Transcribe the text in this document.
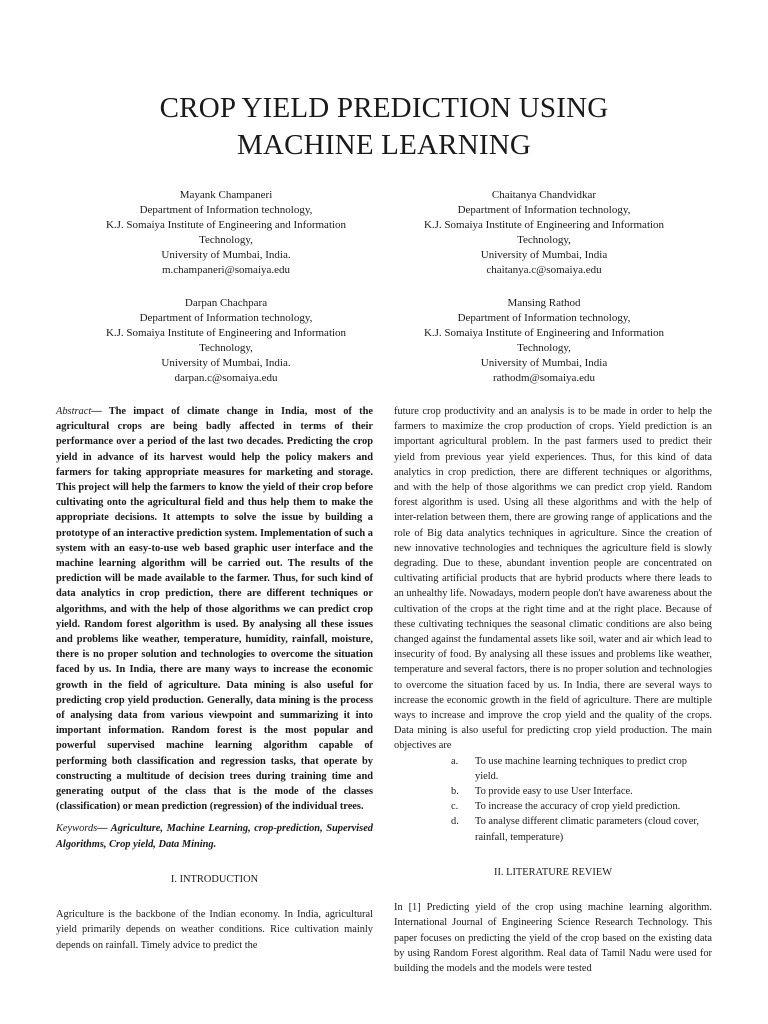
CROP YIELD PREDICTION USING
MACHINE LEARNING
Mayank Champaneri
Department of Information technology,
K.J. Somaiya Institute of Engineering and Information
Technology,
University of Mumbai, India.
m.champaneri@somaiya.edu
Chaitanya Chandvidkar
Department of Information technology,
K.J. Somaiya Institute of Engineering and Information
Technology,
University of Mumbai, India
chaitanya.c@somaiya.edu
Darpan Chachpara
Department of Information technology,
K.J. Somaiya Institute of Engineering and Information
Technology,
University of Mumbai, India.
darpan.c@somaiya.edu
Mansing Rathod
Department of Information technology,
K.J. Somaiya Institute of Engineering and Information
Technology,
University of Mumbai, India
rathodm@somaiya.edu

Abstract— The impact of climate change in India, most of the agricultural crops are being badly affected in terms of their performance over a period of the last two decades. Predicting the crop yield in advance of its harvest would help the policy makers and farmers for taking appropriate measures for marketing and storage. This project will help the farmers to know the yield of their crop before cultivating onto the agricultural field and thus help them to make the appropriate decisions. It attempts to solve the issue by building a prototype of an interactive prediction system. Implementation of such a system with an easy-to-use web based graphic user interface and the machine learning algorithm will be carried out. The results of the prediction will be made available to the farmer. Thus, for such kind of data analytics in crop prediction, there are different techniques or algorithms, and with the help of those algorithms we can predict crop yield. Random forest algorithm is used. By analysing all these issues and problems like weather, temperature, humidity, rainfall, moisture, there is no proper solution and technologies to overcome the situation faced by us. In India, there are many ways to increase the economic growth in the field of agriculture. Data mining is also useful for predicting crop yield production. Generally, data mining is the process of analysing data from various viewpoint and summarizing it into important information. Random forest is the most popular and powerful supervised machine learning algorithm capable of performing both classification and regression tasks, that operate by constructing a multitude of decision trees during training time and generating output of the class that is the mode of the classes (classification) or mean prediction (regression) of the individual trees.

Keywords— Agriculture, Machine Learning, crop-prediction, Supervised Algorithms, Crop yield, Data Mining.

I. INTRODUCTION

Agriculture is the backbone of the Indian economy. In India, agricultural yield primarily depends on weather conditions. Rice cultivation mainly depends on rainfall. Timely advice to predict the

future crop productivity and an analysis is to be made in order to help the farmers to maximize the crop production of crops. Yield prediction is an important agricultural problem. In the past farmers used to predict their yield from previous year yield experiences. Thus, for this kind of data analytics in crop prediction, there are different techniques or algorithms, and with the help of those algorithms we can predict crop yield. Random forest algorithm is used. Using all these algorithms and with the help of inter-relation between them, there are growing range of applications and the role of Big data analytics techniques in agriculture. Since the creation of new innovative technologies and techniques the agriculture field is slowly degrading. Due to these, abundant invention people are concentrated on cultivating artificial products that are hybrid products where there leads to an unhealthy life. Nowadays, modern people don't have awareness about the cultivation of the crops at the right time and at the right place. Because of these cultivating techniques the seasonal climatic conditions are also being changed against the fundamental assets like soil, water and air which lead to insecurity of food. By analysing all these issues and problems like weather, temperature and several factors, there is no proper solution and technologies to overcome the situation faced by us. In India, there are several ways to increase the economic growth in the field of agriculture. There are multiple ways to increase and improve the crop yield and the quality of the crops. Data mining is also useful for predicting crop yield production. The main objectives are

a. To use machine learning techniques to predict crop yield.
b. To provide easy to use User Interface.
c. To increase the accuracy of crop yield prediction.
d. To analyse different climatic parameters (cloud cover, rainfall, temperature)

II. LITERATURE REVIEW

In [1] Predicting yield of the crop using machine learning algorithm. International Journal of Engineering Science Research Technology. This paper focuses on predicting the yield of the crop based on the existing data by using Random Forest algorithm. Real data of Tamil Nadu were used for building the models and the models were tested
